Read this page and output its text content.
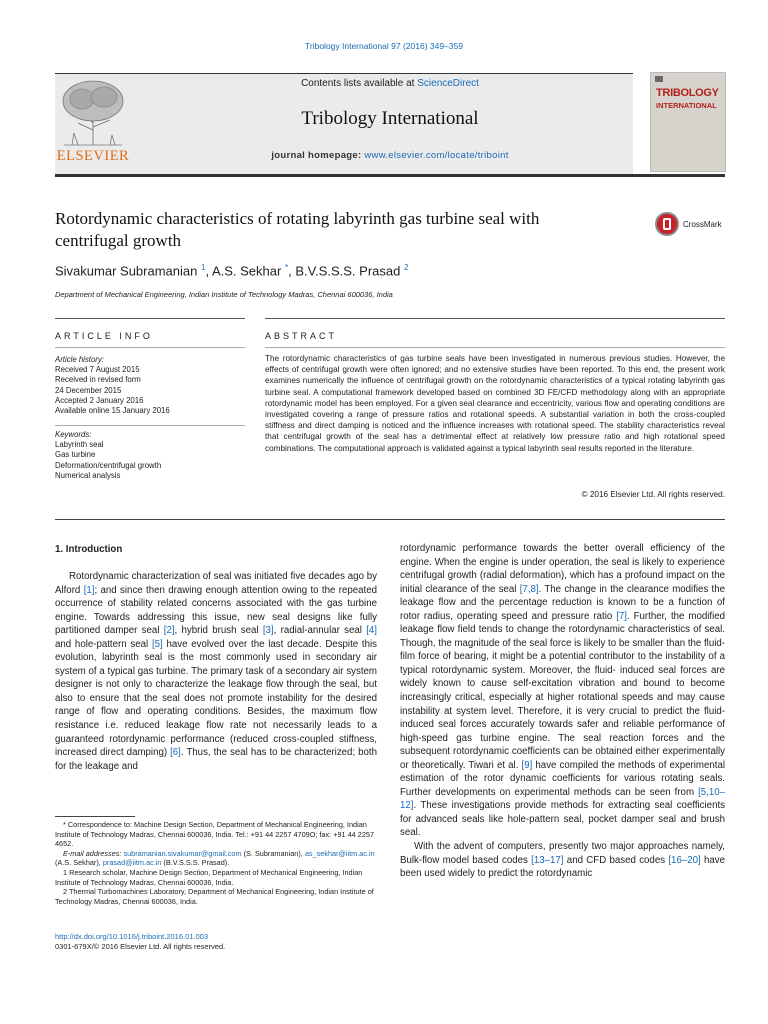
Tribology International 97 (2016) 349–359
ELSEVIER
Contents lists available at ScienceDirect
Tribology International
journal homepage: www.elsevier.com/locate/triboint
TRIBOLOGY
INTERNATIONAL
Rotordynamic characteristics of rotating labyrinth gas turbine seal with centrifugal growth
CrossMark
Sivakumar Subramanian $^1$, A.S. Sekhar *, B.V.S.S.S. Prasad $^2$
Department of Mechanical Engineering, Indian Institute of Technology Madras, Chennai 600036, India
ARTICLE INFO	ABSTRACT
Article history:
Received 7 August 2015
Received in revised form
24 December 2015
Accepted 2 January 2016
Available online 15 January 2016
Keywords:
Labyrinth seal
Gas turbine
Deformation/centrifugal growth
Numerical analysis
The rotordynamic characteristics of gas turbine seals have been investigated in numerous previous studies. However, the effects of centrifugal growth were often ignored; and no extensive studies have been reported. To this end, the present work examines numerically the influence of centrifugal growth on the rotordynamic characteristics of a typical rotating labyrinth gas turbine seal. A computational framework developed based on combined 3D FE/CFD methodology along with an appropriate rotordynamic model has been employed. For a given seal clearance and eccentricity, various flow and operating conditions are investigated covering a range of pressure ratios and rotational speeds. A substantial variation in both the cross-coupled stiffness and direct damping is noticed and the influence increases with rotational speed. The stability characteristics reveal that centrifugal growth of the seal has a detrimental effect at relatively low pressure ratio and high rotational speed combinations. The computational approach is validated against a typical labyrinth seal results reported in the literature.
© 2016 Elsevier Ltd. All rights reserved.
1. Introduction

Rotordynamic characterization of seal was initiated five decades ago by Alford [1]; and since then drawing enough attention owing to the repeated occurrence of stability related concerns associated with the gas turbine engine. Towards addressing this issue, new seal designs like fully partitioned damper seal [2], hybrid brush seal [3], radial-annular seal [4] and hole-pattern seal [5] have evolved over the last decade. Despite this evolution, labyrinth seal is the most commonly used in secondary air system of a typical gas turbine. The primary task of a secondary air system designer is not only to characterize the leakage flow through the seal, but also to ensure that the seal does not promote instability for the desired range of flow and operating conditions. Besides, the maximum flow resistance i.e. reduced leakage flow rate not necessarily leads to a guaranteed rotordynamic performance (reduced cross-coupled stiffness, increased direct damping) [6]. Thus, the seal has to be characterized; both for the leakage and

rotordynamic performance towards the better overall efficiency of the engine. When the engine is under operation, the seal is likely to experience centrifugal growth (radial deformation), which has a profound impact on the initial clearance of the seal [7,8]. The change in the clearance modifies the leakage flow and the percentage reduction is known to be a function of rotor radius, operating speed and pressure ratio [7]. Further, the modified leakage flow field tends to change the rotordynamic characteristics of seal. Though, the magnitude of the seal force is likely to be smaller than the fluid-film force of bearing, it might be a potential contributor to the instability of a typical rotordynamic system. Moreover, the fluid- induced seal forces are widely known to cause self-excitation vibration and bound to become increasingly critical, especially at higher rotational speeds and may cause instability at system level. Therefore, it is very crucial to predict the fluid-induced seal forces accurately towards safer and reliable performance of high-speed gas turbine engine. The seal reaction forces and the subsequent rotordynamic coefficients can be obtained either experimentally or theoretically. Tiwari et al. [9] have compiled the methods of experimental estimation of the rotor dynamic coefficients for various rotating seals. Further developments on experimental methods can be seen from [5,10–12]. These investigations provide methods for extracting seal coefficients for advanced seals like hole-pattern seal, pocket damper seal and brush seal.

With the advent of computers, presently two major approaches namely, Bulk-flow model based codes [13–17] and CFD based codes [16–20] have been used widely to predict the rotordynamic

* Correspondence to: Machine Design Section, Department of Mechanical Engineering, Indian Institute of Technology Madras, Chennai 600036, India. Tel.: +91 44 2257 4709O; fax: +91 44 2257 4652.

E-mail addresses: subramanian.sivakumar@gmail.com (S. Subramanian), as_sekhar@iitm.ac.in (A.S. Sekhar), prasad@iitm.ac.in (B.V.S.S.S. Prasad).

1 Research scholar, Machine Design Section, Department of Mechanical Engineering, Indian Institute of Technology Madras, Chennai 600036, India.

2 Thermal Turbomachines Laboratory, Department of Mechanical Engineering, Indian Institute of Technology Madras, Chennai 600036, India.

http://dx.doi.org/10.1016/j.triboint.2016.01.003
0301-679X/© 2016 Elsevier Ltd. All rights reserved.
